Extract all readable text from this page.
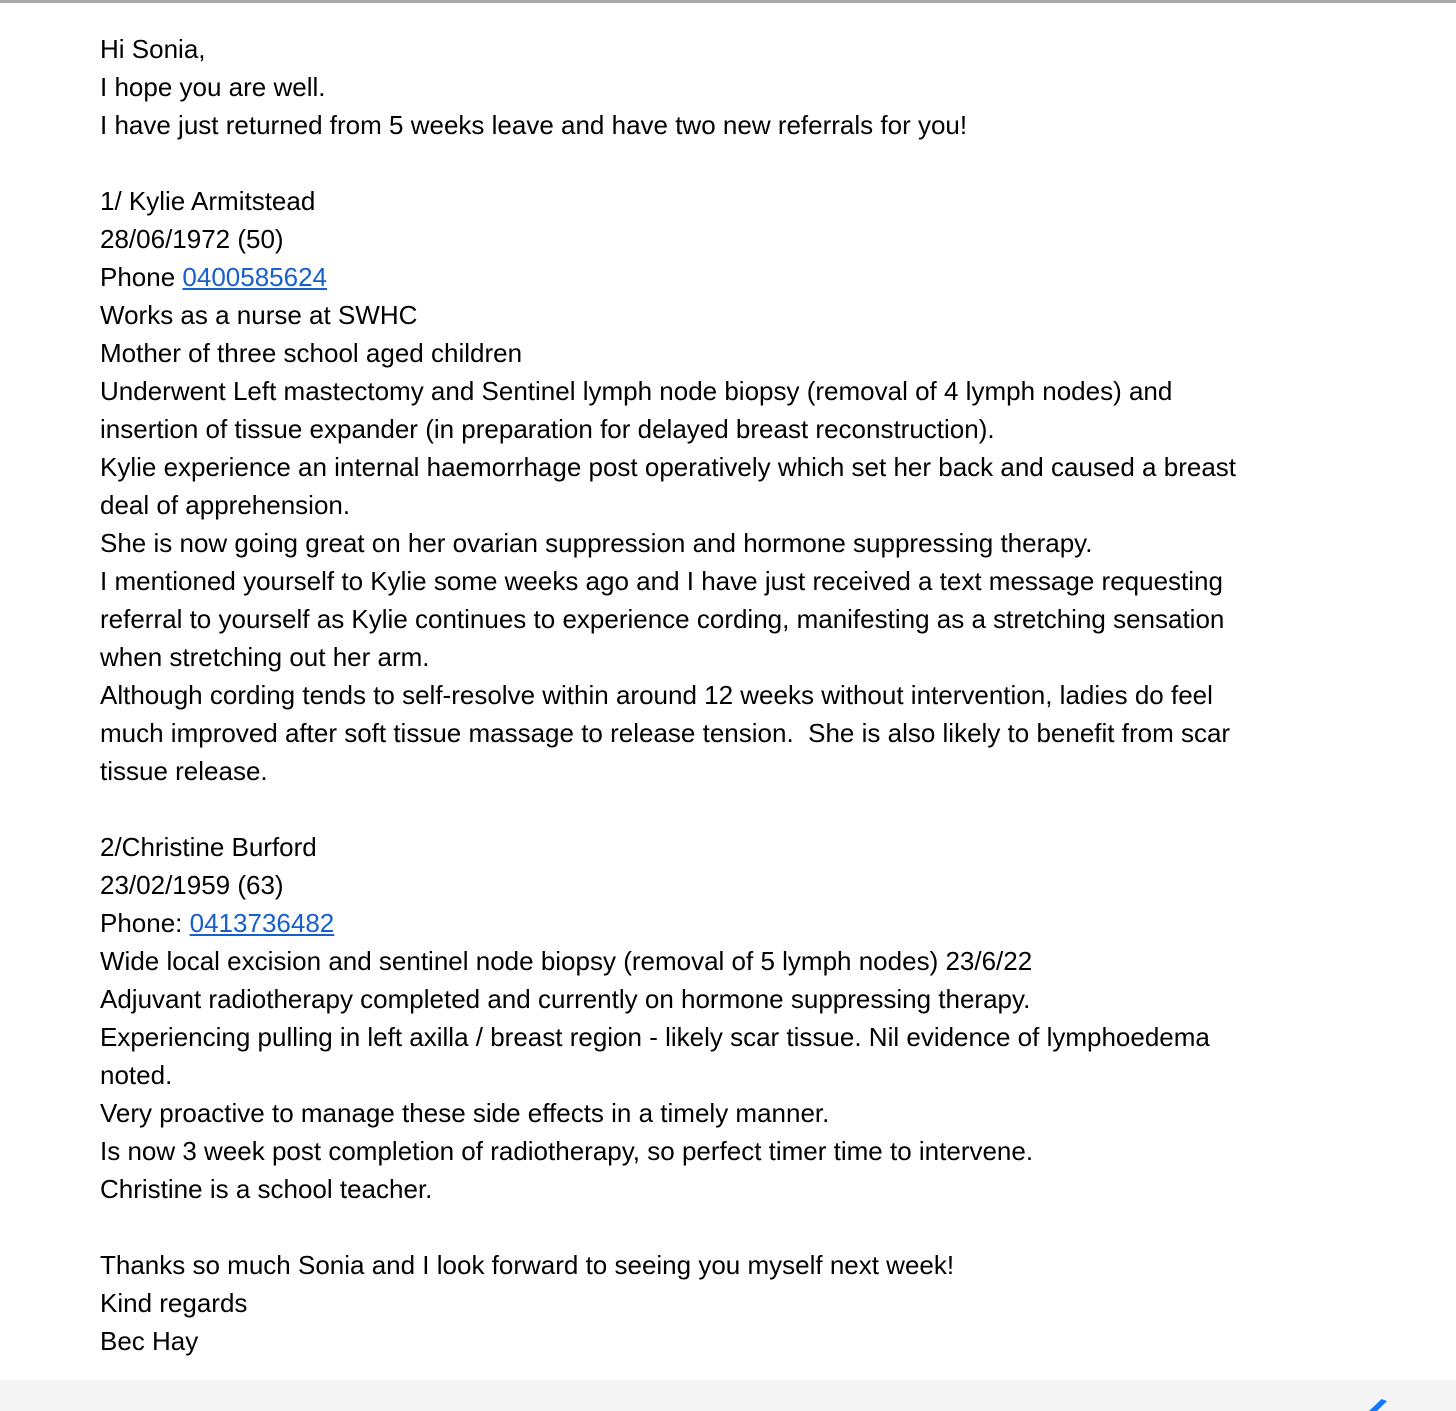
Hi Sonia,
I hope you are well.
I have just returned from 5 weeks leave and have two new referrals for you!

1/ Kylie Armitstead
28/06/1972 (50)
Phone 0400585624
Works as a nurse at SWHC
Mother of three school aged children
Underwent Left mastectomy and Sentinel lymph node biopsy (removal of 4 lymph nodes) and
insertion of tissue expander (in preparation for delayed breast reconstruction).
Kylie experience an internal haemorrhage post operatively which set her back and caused a breast
deal of apprehension.
She is now going great on her ovarian suppression and hormone suppressing therapy.
I mentioned yourself to Kylie some weeks ago and I have just received a text message requesting
referral to yourself as Kylie continues to experience cording, manifesting as a stretching sensation
when stretching out her arm.
Although cording tends to self-resolve within around 12 weeks without intervention, ladies do feel
much improved after soft tissue massage to release tension.  She is also likely to benefit from scar
tissue release.

2/Christine Burford
23/02/1959 (63)
Phone: 0413736482
Wide local excision and sentinel node biopsy (removal of 5 lymph nodes) 23/6/22
Adjuvant radiotherapy completed and currently on hormone suppressing therapy.
Experiencing pulling in left axilla / breast region - likely scar tissue. Nil evidence of lymphoedema
noted.
Very proactive to manage these side effects in a timely manner.
Is now 3 week post completion of radiotherapy, so perfect timer time to intervene.
Christine is a school teacher.

Thanks so much Sonia and I look forward to seeing you myself next week!
Kind regards
Bec Hay
